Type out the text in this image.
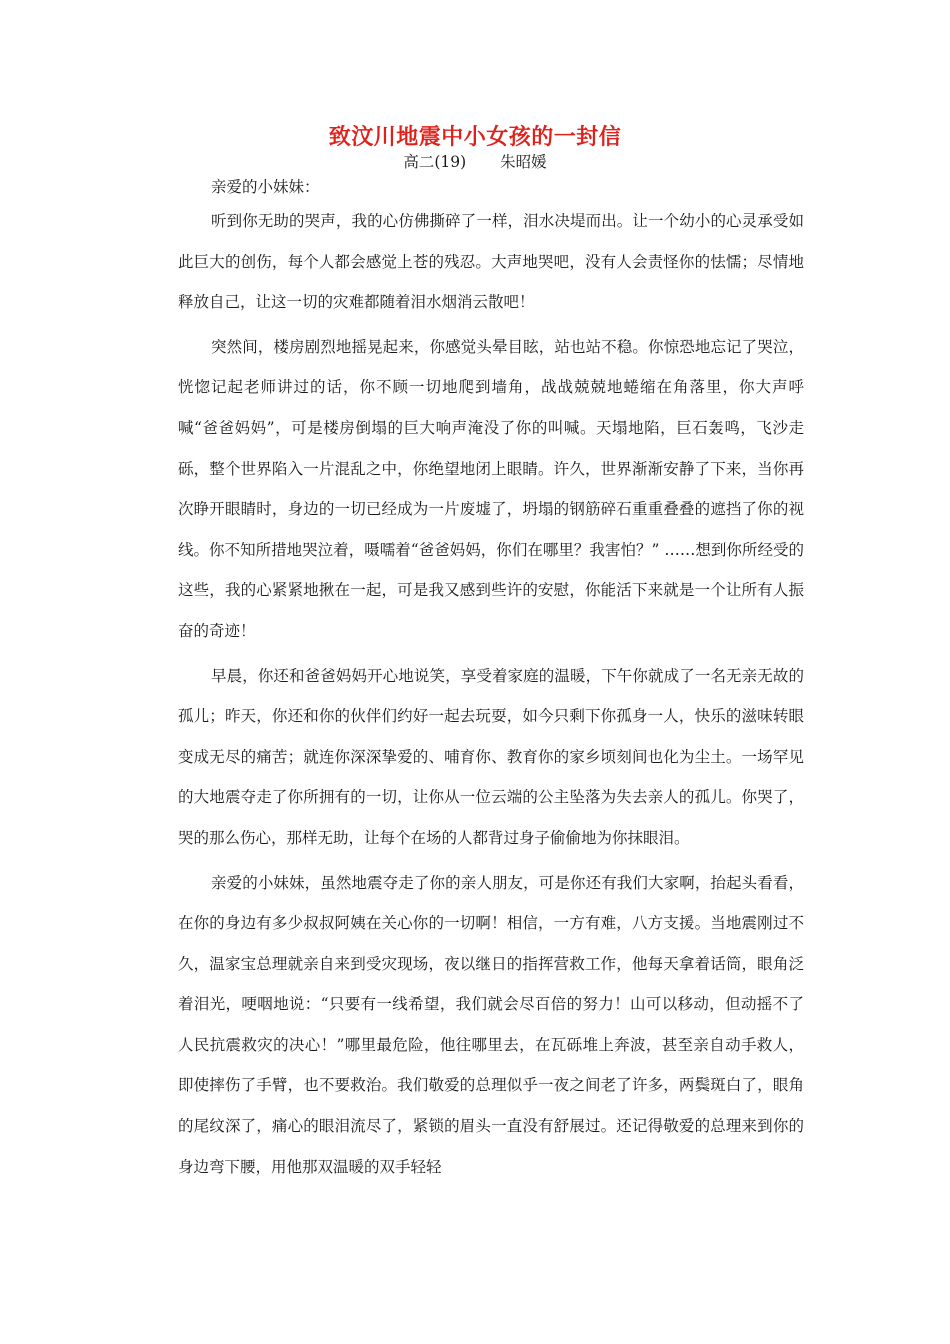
致汶川地震中小女孩的一封信
高二(19) 朱昭媛
亲爱的小妹妹：

听到你无助的哭声，我的心仿佛撕碎了一样，泪水决堤而出。让一个幼小的心灵承受如此巨大的创伤，每个人都会感觉上苍的残忍。大声地哭吧，没有人会责怪你的怯懦；尽情地释放自己，让这一切的灾难都随着泪水烟消云散吧！

突然间，楼房剧烈地摇晃起来，你感觉头晕目眩，站也站不稳。你惊恐地忘记了哭泣，恍惚记起老师讲过的话，你不顾一切地爬到墙角，战战兢兢地蜷缩在角落里，你大声呼喊“爸爸妈妈”，可是楼房倒塌的巨大响声淹没了你的叫喊。天塌地陷，巨石轰鸣，飞沙走砾，整个世界陷入一片混乱之中，你绝望地闭上眼睛。许久，世界渐渐安静了下来，当你再次睁开眼睛时，身边的一切已经成为一片废墟了，坍塌的钢筋碎石重重叠叠的遮挡了你的视线。你不知所措地哭泣着，嗫嚅着“爸爸妈妈，你们在哪里？我害怕？” ……想到你所经受的这些，我的心紧紧地揪在一起，可是我又感到些许的安慰，你能活下来就是一个让所有人振奋的奇迹！

早晨，你还和爸爸妈妈开心地说笑，享受着家庭的温暖，下午你就成了一名无亲无故的孤儿；昨天，你还和你的伙伴们约好一起去玩耍，如今只剩下你孤身一人，快乐的滋味转眼变成无尽的痛苦；就连你深深挚爱的、哺育你、教育你的家乡顷刻间也化为尘土。一场罕见的大地震夺走了你所拥有的一切，让你从一位云端的公主坠落为失去亲人的孤儿。你哭了，哭的那么伤心，那样无助，让每个在场的人都背过身子偷偷地为你抹眼泪。

亲爱的小妹妹，虽然地震夺走了你的亲人朋友，可是你还有我们大家啊，抬起头看看，在你的身边有多少叔叔阿姨在关心你的一切啊！相信，一方有难，八方支援。当地震刚过不久，温家宝总理就亲自来到受灾现场，夜以继日的指挥营救工作，他每天拿着话筒，眼角泛着泪光，哽咽地说：“只要有一线希望，我们就会尽百倍的努力！山可以移动，但动摇不了人民抗震救灾的决心！”哪里最危险，他往哪里去，在瓦砾堆上奔波，甚至亲自动手救人，即使摔伤了手臂，也不要救治。我们敬爱的总理似乎一夜之间老了许多，两鬓斑白了，眼角的尾纹深了，痛心的眼泪流尽了，紧锁的眉头一直没有舒展过。还记得敬爱的总理来到你的身边弯下腰，用他那双温暖的双手轻轻
